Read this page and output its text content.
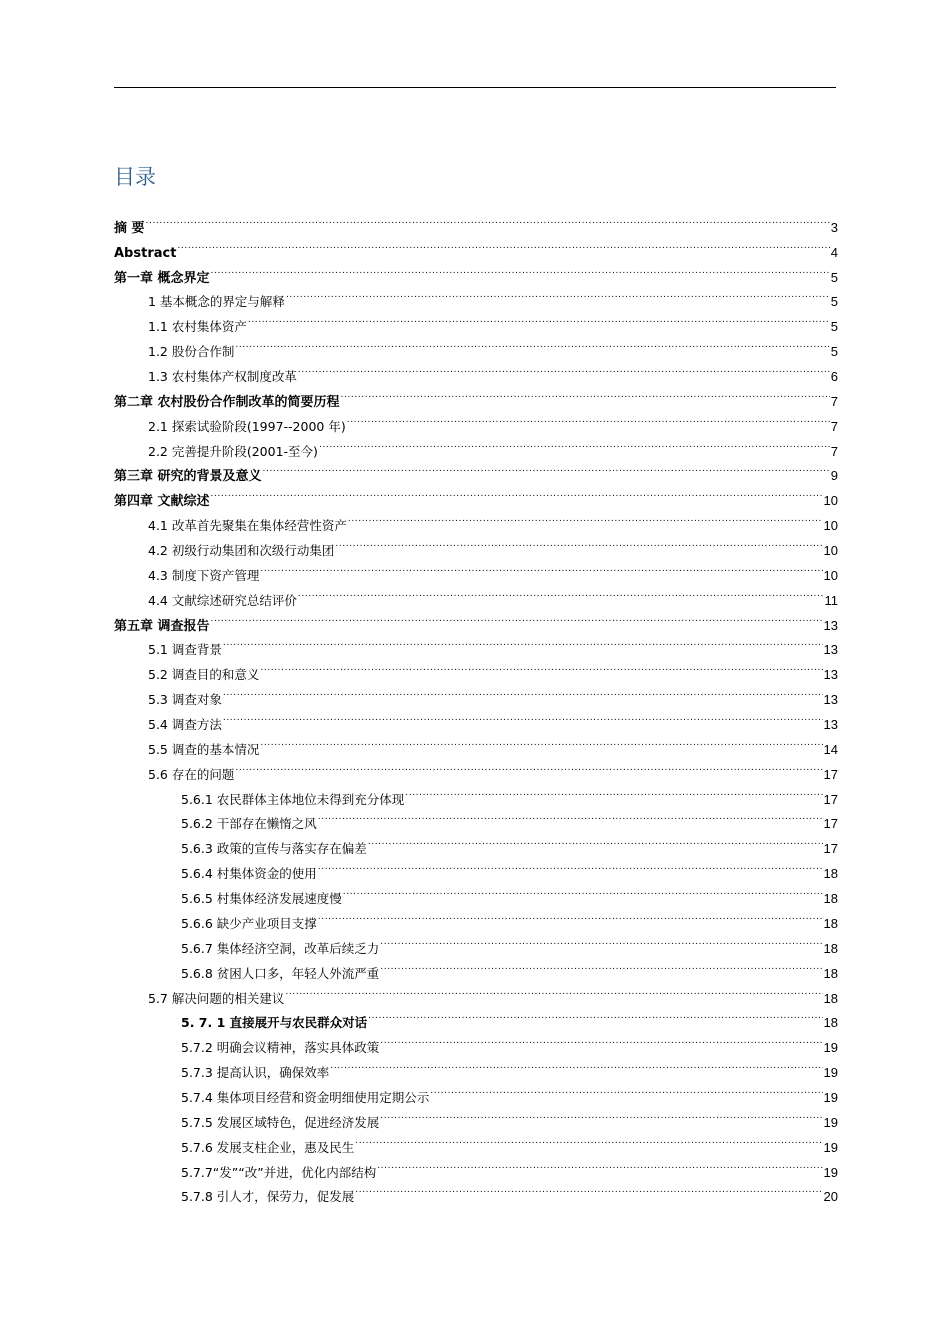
目录
摘 要 .....	3
Abstract .....	4
第一章 概念界定 .....	5
1 基本概念的界定与解释 .....	5
1.1 农村集体资产 .....	5
1.2 股份合作制 .....	5
1.3 农村集体产权制度改革 .....	6
第二章 农村股份合作制改革的简要历程 .....	7
2.1 探索试验阶段(1997--2000 年) .....	7
2.2 完善提升阶段(2001-至今) .....	7
第三章 研究的背景及意义 .....	9
第四章 文献综述 .....	10
4.1 改革首先聚集在集体经营性资产 .....	10
4.2 初级行动集团和次级行动集团 .....	10
4.3 制度下资产管理 .....	10
4.4 文献综述研究总结评价 .....	11
第五章 调查报告 .....	13
5.1 调查背景 .....	13
5.2 调查目的和意义 .....	13
5.3 调查对象 .....	13
5.4 调查方法 .....	13
5.5 调查的基本情况 .....	14
5.6 存在的问题 .....	17
5.6.1 农民群体主体地位未得到充分体现 .....	17
5.6.2 干部存在懒惰之风 .....	17
5.6.3 政策的宣传与落实存在偏差 .....	17
5.6.4 村集体资金的使用 .....	18
5.6.5 村集体经济发展速度慢 .....	18
5.6.6 缺少产业项目支撑 .....	18
5.6.7 集体经济空洞，改革后续乏力 .....	18
5.6.8 贫困人口多，年轻人外流严重 .....	18
5.7 解决问题的相关建议 .....	18
5. 7. 1 直接展开与农民群众对话 .....	18
5.7.2 明确会议精神，落实具体政策 .....	19
5.7.3 提高认识，确保效率 .....	19
5.7.4 集体项目经营和资金明细使用定期公示 .....	19
5.7.5 发展区域特色，促进经济发展 .....	19
5.7.6 发展支柱企业，惠及民生 .....	19
5.7.7“发”“改”并进，优化内部结构 .....	19
5.7.8 引人才，保劳力，促发展 .....	20
